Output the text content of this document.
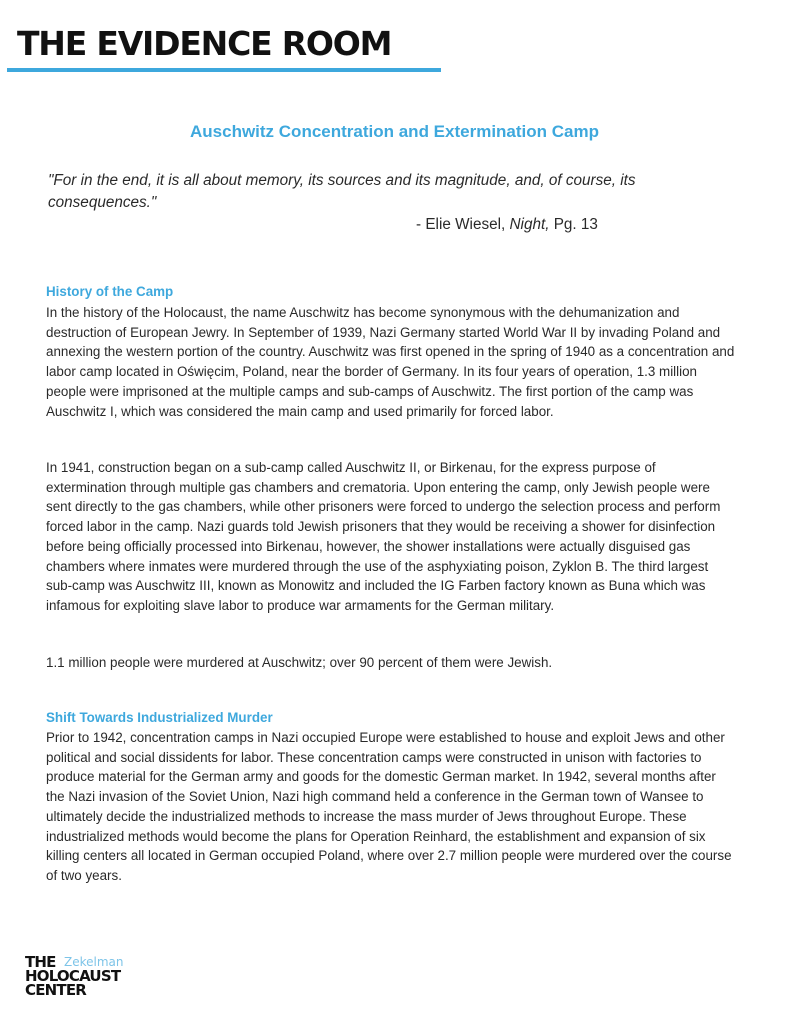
THE EVIDENCE ROOM
Auschwitz Concentration and Extermination Camp

"For in the end, it is all about memory, its sources and its magnitude, and, of course, its consequences."

- Elie Wiesel, Night, Pg. 13
History of the Camp

In the history of the Holocaust, the name Auschwitz has become synonymous with the dehumanization and destruction of European Jewry. In September of 1939, Nazi Germany started World War II by invading Poland and annexing the western portion of the country. Auschwitz was first opened in the spring of 1940 as a concentration and labor camp located in Oświęcim, Poland, near the border of Germany. In its four years of operation, 1.3 million people were imprisoned at the multiple camps and sub-camps of Auschwitz. The first portion of the camp was Auschwitz I, which was considered the main camp and used primarily for forced labor.

In 1941, construction began on a sub-camp called Auschwitz II, or Birkenau, for the express purpose of extermination through multiple gas chambers and crematoria. Upon entering the camp, only Jewish people were sent directly to the gas chambers, while other prisoners were forced to undergo the selection process and perform forced labor in the camp. Nazi guards told Jewish prisoners that they would be receiving a shower for disinfection before being officially processed into Birkenau, however, the shower installations were actually disguised gas chambers where inmates were murdered through the use of the asphyxiating poison, Zyklon B. The third largest sub-camp was Auschwitz III, known as Monowitz and included the IG Farben factory known as Buna which was infamous for exploiting slave labor to produce war armaments for the German military.

1.1 million people were murdered at Auschwitz; over 90 percent of them were Jewish.

Shift Towards Industrialized Murder

Prior to 1942, concentration camps in Nazi occupied Europe were established to house and exploit Jews and other political and social dissidents for labor. These concentration camps were constructed in unison with factories to produce material for the German army and goods for the domestic German market. In 1942, several months after the Nazi invasion of the Soviet Union, Nazi high command held a conference in the German town of Wansee to ultimately decide the industrialized methods to increase the mass murder of Jews throughout Europe. These industrialized methods would become the plans for Operation Reinhard, the establishment and expansion of six killing centers all located in German occupied Poland, where over 2.7 million people were murdered over the course of two years.

THE
HOLOCAUST
CENTER
Zekelman
